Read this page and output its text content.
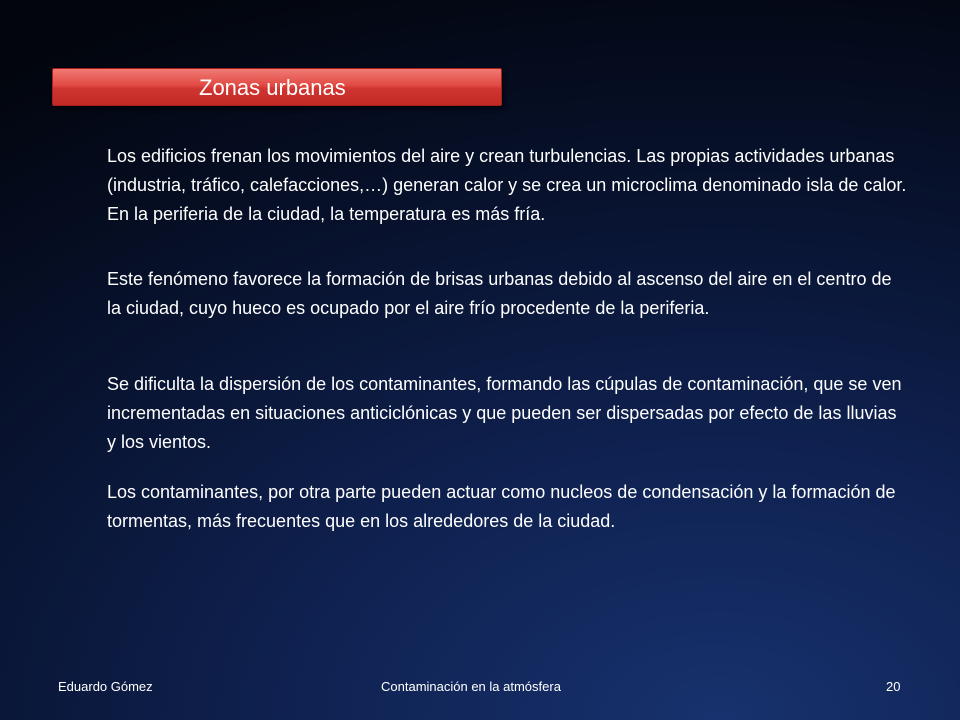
Zonas urbanas

Los edificios frenan los movimientos del aire y crean turbulencias. Las propias actividades urbanas (industria, tráfico, calefacciones,…) generan calor y se crea un microclima denominado isla de calor. En la periferia de la ciudad, la temperatura es más fría.

Este fenómeno favorece la formación de brisas urbanas debido al ascenso del aire en el centro de la ciudad, cuyo hueco es ocupado por el aire frío procedente de la periferia.

Se dificulta la dispersión de los contaminantes, formando las cúpulas de contaminación, que se ven incrementadas en situaciones anticiclónicas y que pueden ser dispersadas por efecto de las lluvias y los vientos.

Los contaminantes, por otra parte pueden actuar como nucleos de condensación y la formación de tormentas, más frecuentes que en los alrededores de la ciudad.

Eduardo Gómez	Contaminación en la atmósfera	20
